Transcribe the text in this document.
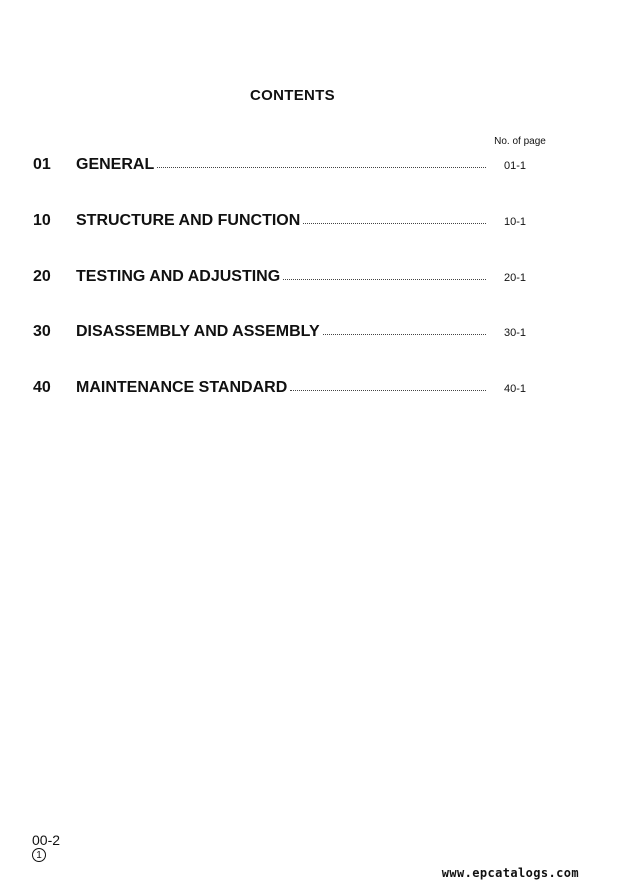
CONTENTS
No. of page
01	GENERAL	01-1
10	STRUCTURE AND FUNCTION	10-1
20	TESTING AND ADJUSTING	20-1
30	DISASSEMBLY AND ASSEMBLY	30-1
40	MAINTENANCE STANDARD	40-1
00-2
1
www.epcatalogs.com
